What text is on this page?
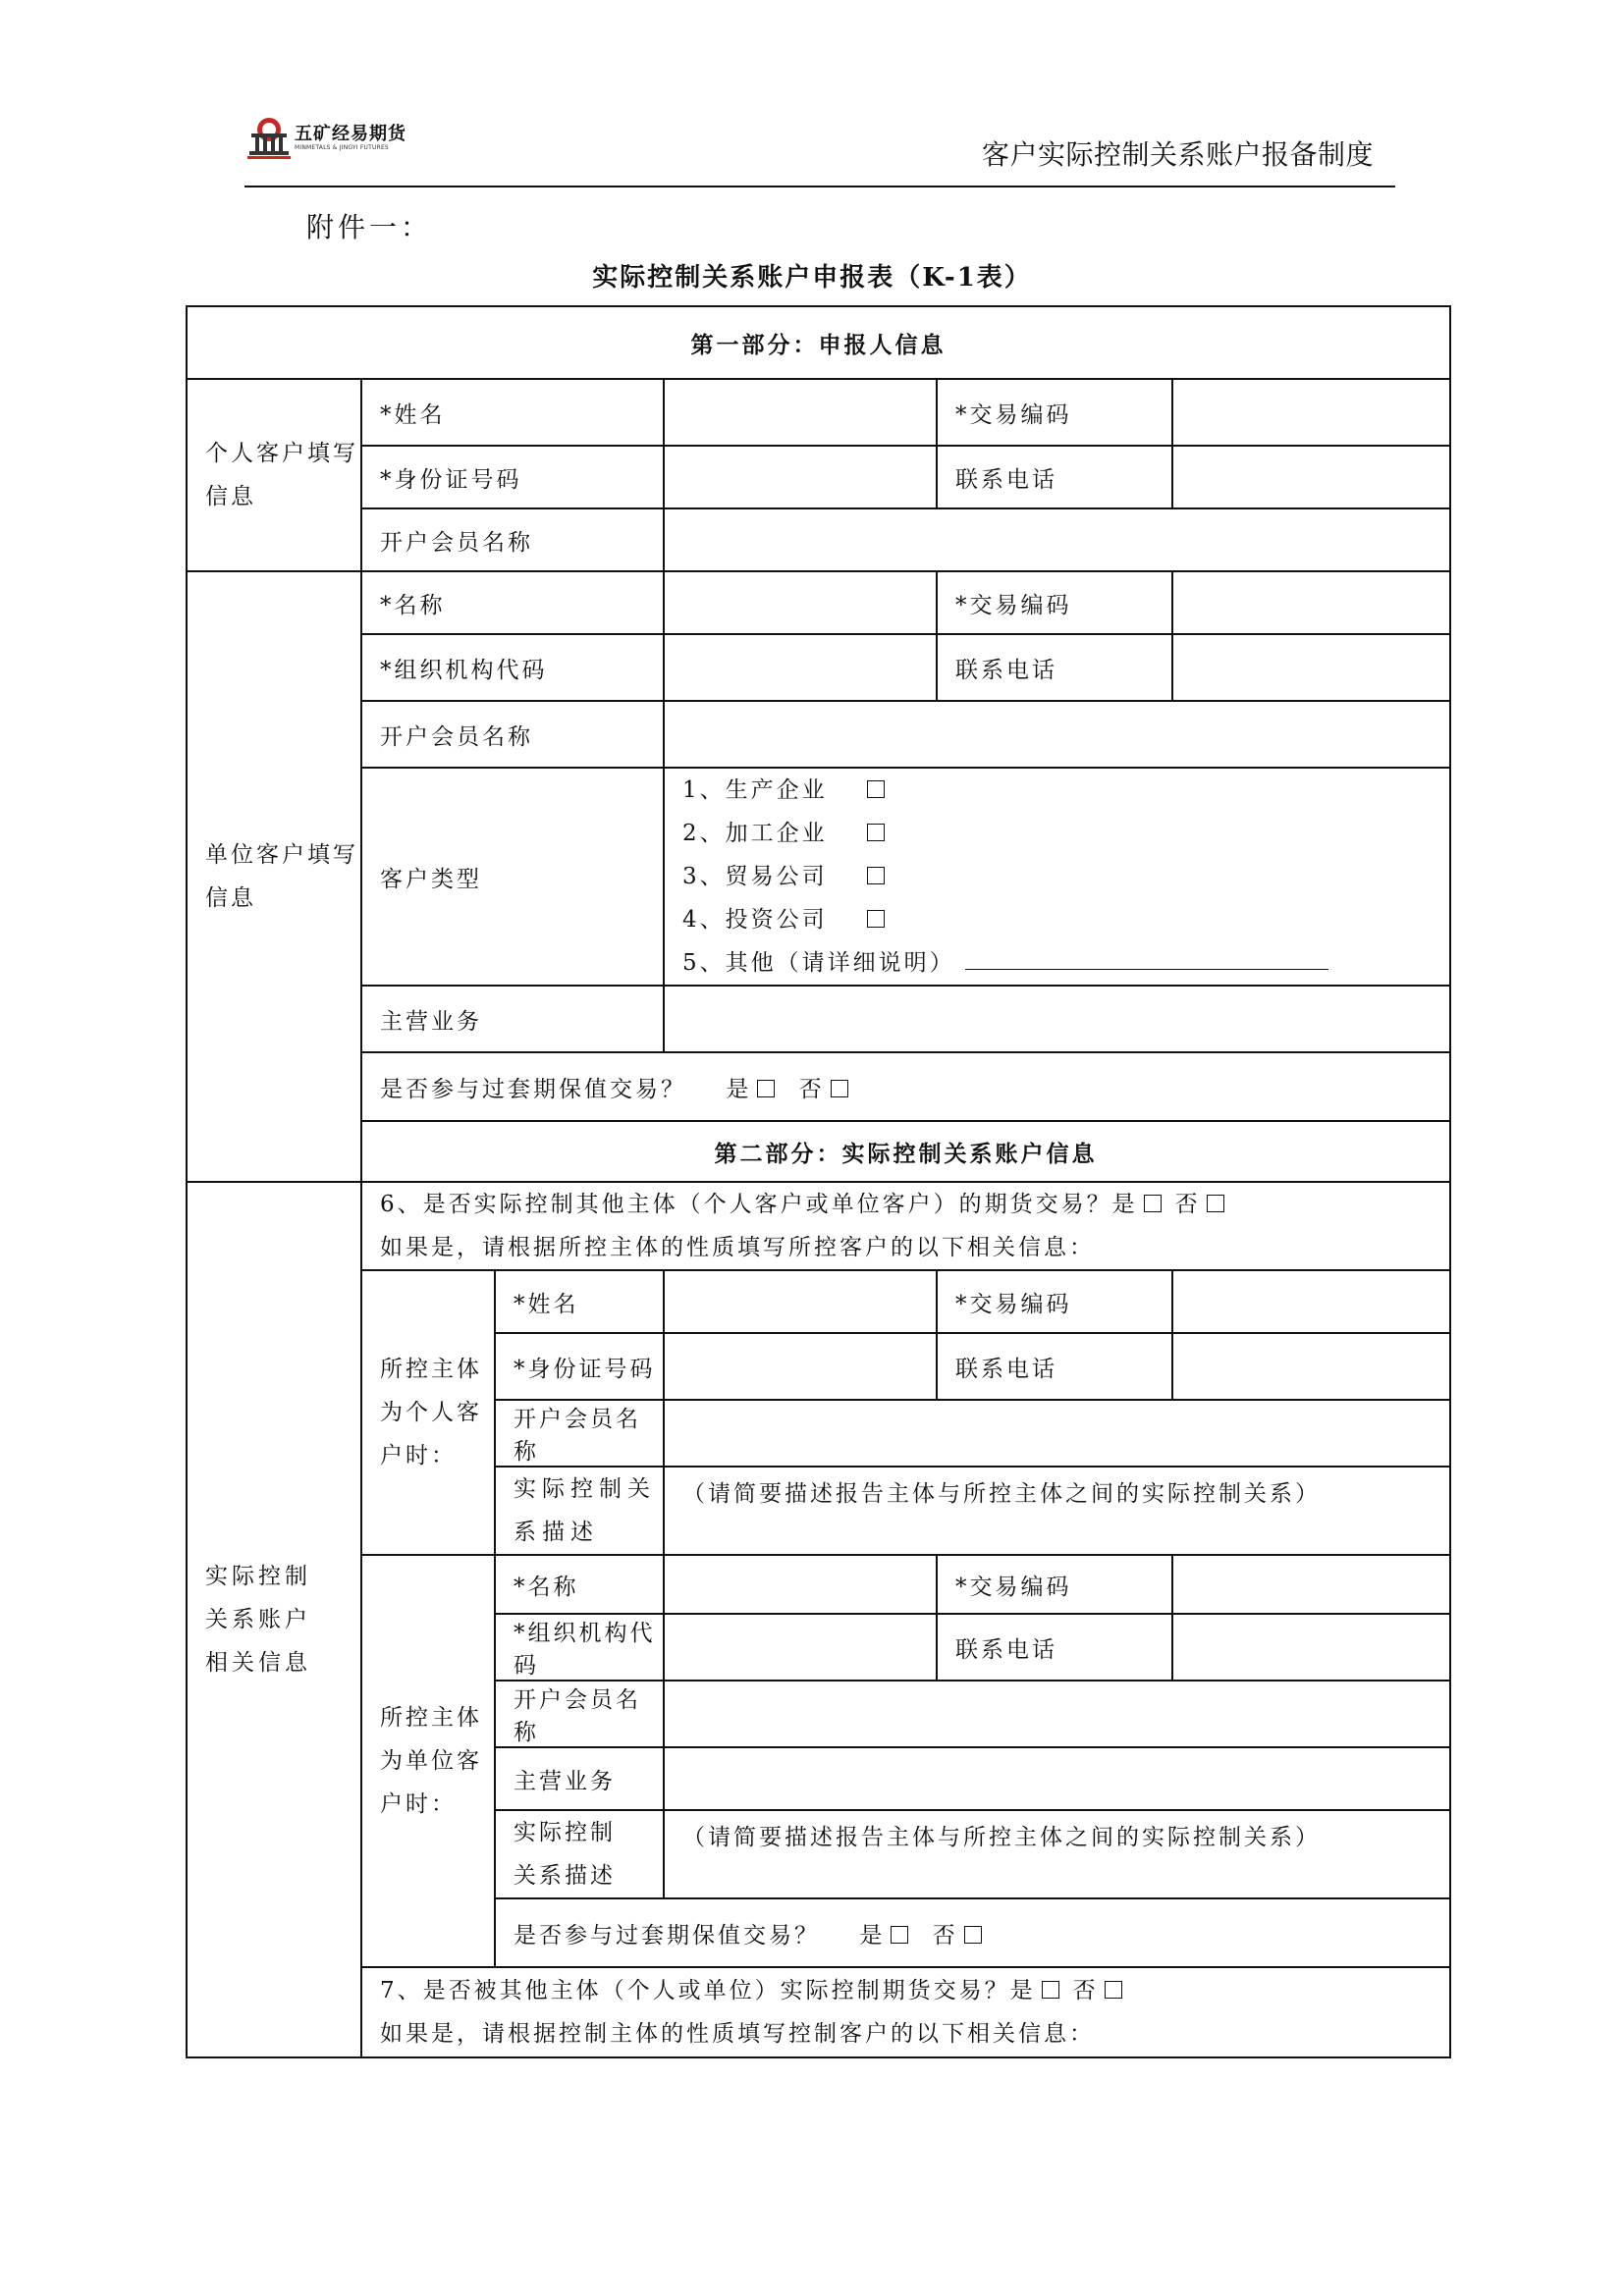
五矿经易期货
MINMETALS & JINGYI FUTURES	客户实际控制关系账户报备制度
附件一：
实际控制关系账户申报表（K-1表）
第一部分：申报人信息					
个人客户填写信息	*姓名			*交易编码	
	*身份证号码			联系电话	
	开户会员名称				
单位客户填写信息	*名称			*交易编码	
	*组织机构代码			联系电话	
	开户会员名称				
	客户类型		1、生产企业
2、加工企业
3、贸易公司
4、投资公司
5、其他（请详细说明）		

	主营业务				
	是否参与过套期保值交易？ 是 否				
	第二部分：实际控制关系账户信息				
实际控制关系账户相关信息	6、是否实际控制其他主体（个人客户或单位客户）的期货交易？是 否
如果是，请根据所控主体的性质填写所控客户的以下相关信息：				

	所控主体为个人客户时：	*姓名		*交易编码	
		*身份证号码		联系电话	
		开户会员名称			
		实际控制关系描述	（请简要描述报告主体与所控主体之间的实际控制关系）		
	所控主体为单位客户时：	*名称		*交易编码	
		*组织机构代码		联系电话	
		开户会员名称			
		主营业务			

		实际控制
关系描述	（请简要描述报告主体与所控主体之间的实际控制关系）		
		是否参与过套期保值交易？ 是 否			

	7、是否被其他主体（个人或单位）实际控制期货交易？是 否
如果是，请根据控制主体的性质填写控制客户的以下相关信息：				
